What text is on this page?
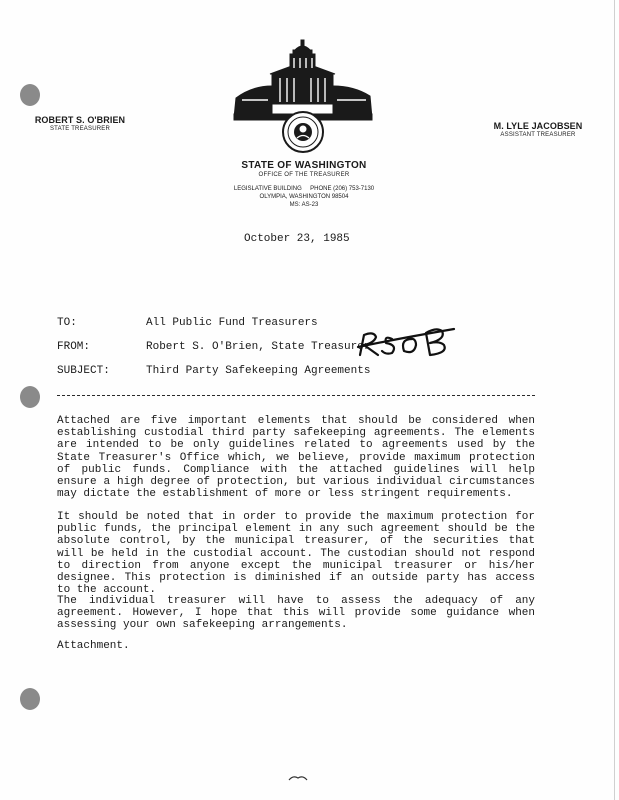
ROBERT S. O'BRIEN
STATE TREASURER	M. LYLE JACOBSEN
ASSISTANT TREASURER
STATE OF WASHINGTON
OFFICE OF THE TREASURER
LEGISLATIVE BUILDING     PHONE (206) 753-7130
OLYMPIA, WASHINGTON 98504
MS: AS-23
October 23, 1985
TO:	All Public Fund Treasurers
FROM:	Robert S. O'Brien, State Treasurer
SUBJECT:	Third Party Safekeeping Agreements

Attached are five important elements that should be considered when establishing custodial third party safekeeping agreements. The elements are intended to be only guidelines related to agreements used by the State Treasurer's Office which, we believe, provide maximum protection of public funds. Compliance with the attached guidelines will help ensure a high degree of protection, but various individual circumstances may dictate the establishment of more or less stringent requirements.

It should be noted that in order to provide the maximum protection for public funds, the principal element in any such agreement should be the absolute control, by the municipal treasurer, of the securities that will be held in the custodial account. The custodian should not respond to direction from anyone except the municipal treasurer or his/her designee. This protection is diminished if an outside party has access to the account.

The individual treasurer will have to assess the adequacy of any agreement. However, I hope that this will provide some guidance when assessing your own safekeeping arrangements.

Attachment.
